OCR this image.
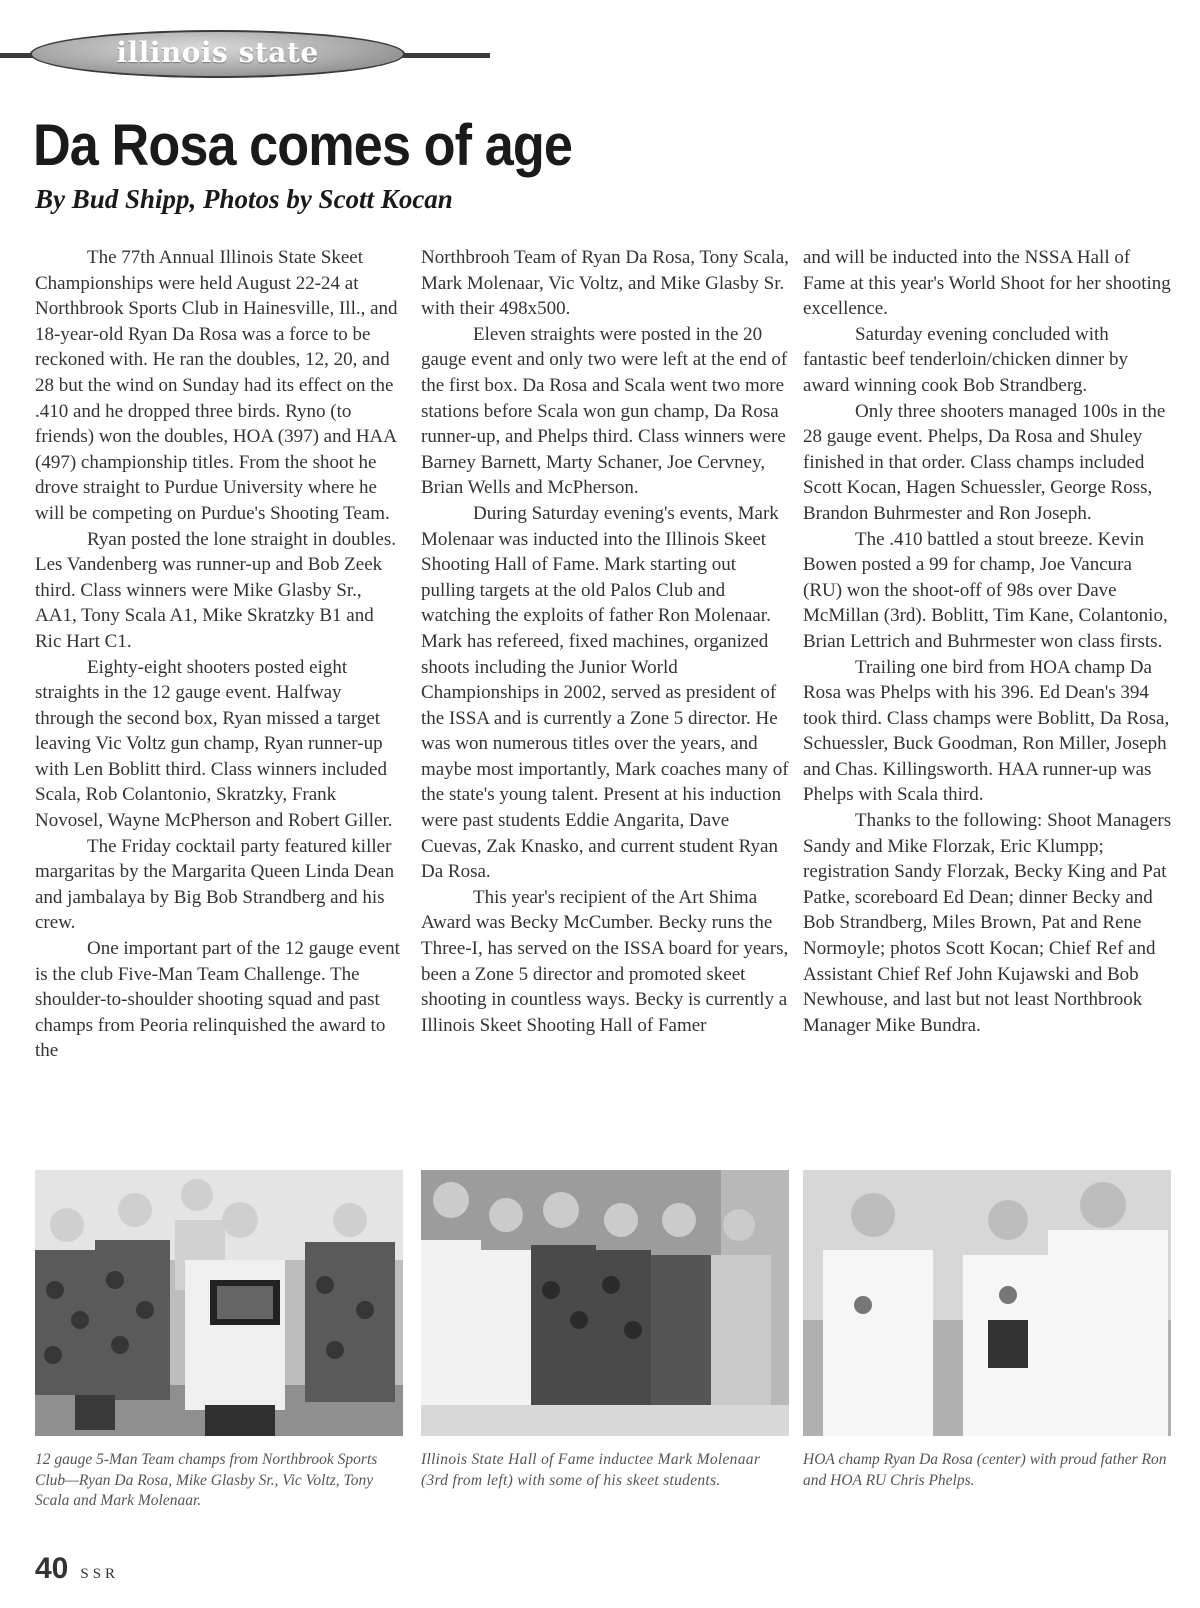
illinois state
Da Rosa comes of age

By Bud Shipp, Photos by Scott Kocan

The 77th Annual Illinois State Skeet Championships were held August 22-24 at Northbrook Sports Club in Hainesville, Ill., and 18-year-old Ryan Da Rosa was a force to be reckoned with. He ran the doubles, 12, 20, and 28 but the wind on Sunday had its effect on the .410 and he dropped three birds. Ryno (to friends) won the doubles, HOA (397) and HAA (497) championship titles. From the shoot he drove straight to Purdue University where he will be competing on Purdue's Shooting Team.

Ryan posted the lone straight in doubles. Les Vandenberg was runner-up and Bob Zeek third. Class winners were Mike Glasby Sr., AA1, Tony Scala A1, Mike Skratzky B1 and Ric Hart C1.

Eighty-eight shooters posted eight straights in the 12 gauge event. Halfway through the second box, Ryan missed a target leaving Vic Voltz gun champ, Ryan runner-up with Len Boblitt third. Class winners included Scala, Rob Colantonio, Skratzky, Frank Novosel, Wayne McPherson and Robert Giller.

The Friday cocktail party featured killer margaritas by the Margarita Queen Linda Dean and jambalaya by Big Bob Strandberg and his crew.

One important part of the 12 gauge event is the club Five-Man Team Challenge. The shoulder-to-shoulder shooting squad and past champs from Peoria relinquished the award to the

Northbrooh Team of Ryan Da Rosa, Tony Scala, Mark Molenaar, Vic Voltz, and Mike Glasby Sr. with their 498x500.

Eleven straights were posted in the 20 gauge event and only two were left at the end of the first box. Da Rosa and Scala went two more stations before Scala won gun champ, Da Rosa runner-up, and Phelps third. Class winners were Barney Barnett, Marty Schaner, Joe Cervney, Brian Wells and McPherson.

During Saturday evening's events, Mark Molenaar was inducted into the Illinois Skeet Shooting Hall of Fame. Mark starting out pulling targets at the old Palos Club and watching the exploits of father Ron Molenaar. Mark has refereed, fixed machines, organized shoots including the Junior World Championships in 2002, served as president of the ISSA and is currently a Zone 5 director. He was won numerous titles over the years, and maybe most importantly, Mark coaches many of the state's young talent. Present at his induction were past students Eddie Angarita, Dave Cuevas, Zak Knasko, and current student Ryan Da Rosa.

This year's recipient of the Art Shima Award was Becky McCumber. Becky runs the Three-I, has served on the ISSA board for years, been a Zone 5 director and promoted skeet shooting in countless ways. Becky is currently a Illinois Skeet Shooting Hall of Famer

and will be inducted into the NSSA Hall of Fame at this year's World Shoot for her shooting excellence.

Saturday evening concluded with fantastic beef tenderloin/chicken dinner by award winning cook Bob Strandberg.

Only three shooters managed 100s in the 28 gauge event. Phelps, Da Rosa and Shuley finished in that order. Class champs included Scott Kocan, Hagen Schuessler, George Ross, Brandon Buhrmester and Ron Joseph.

The .410 battled a stout breeze. Kevin Bowen posted a 99 for champ, Joe Vancura (RU) won the shoot-off of 98s over Dave McMillan (3rd). Boblitt, Tim Kane, Colantonio, Brian Lettrich and Buhrmester won class firsts.

Trailing one bird from HOA champ Da Rosa was Phelps with his 396. Ed Dean's 394 took third. Class champs were Boblitt, Da Rosa, Schuessler, Buck Goodman, Ron Miller, Joseph and Chas. Killingsworth. HAA runner-up was Phelps with Scala third.

Thanks to the following: Shoot Managers Sandy and Mike Florzak, Eric Klumpp; registration Sandy Florzak, Becky King and Pat Patke, scoreboard Ed Dean; dinner Becky and Bob Strandberg, Miles Brown, Pat and Rene Normoyle; photos Scott Kocan; Chief Ref and Assistant Chief Ref John Kujawski and Bob Newhouse, and last but not least Northbrook Manager Mike Bundra.

12 gauge 5-Man Team champs from Northbrook Sports Club—Ryan Da Rosa, Mike Glasby Sr., Vic Voltz, Tony Scala and Mark Molenaar.

Illinois State Hall of Fame inductee Mark Molenaar (3rd from left) with some of his skeet students.

HOA champ Ryan Da Rosa (center) with proud father Ron and HOA RU Chris Phelps.

40 SSR
